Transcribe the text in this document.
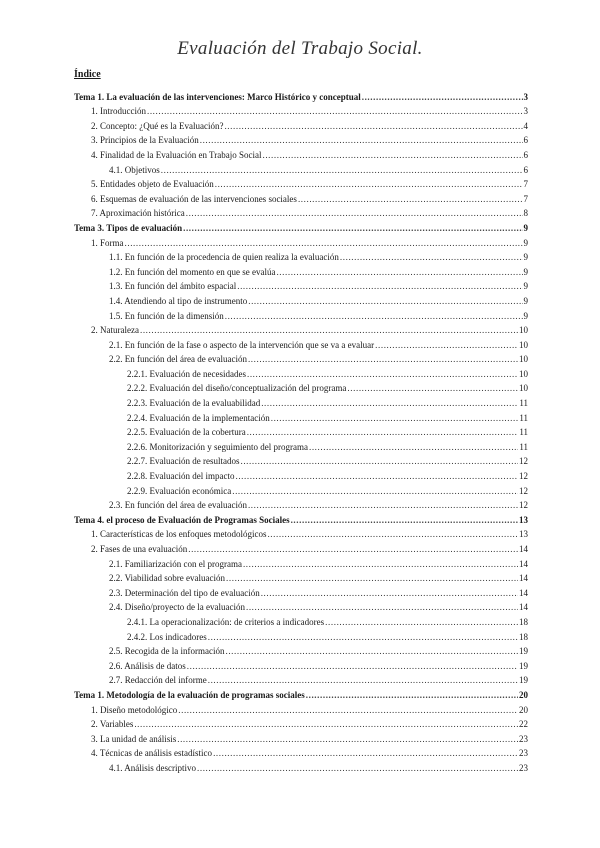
Evaluación del Trabajo Social.
Índice
Tema 1. La evaluación de las intervenciones: Marco Histórico y conceptual .....	3
1. Introducción .....	3
2. Concepto: ¿Qué es la Evaluación? .....	4
3. Principios de la Evaluación .....	6
4. Finalidad de la Evaluación en Trabajo Social .....	6
4.1. Objetivos .....	6
5. Entidades objeto de Evaluación .....	7
6. Esquemas de evaluación de las intervenciones sociales .....	7
7. Aproximación histórica .....	8
Tema 3. Tipos de evaluación .....	9
1. Forma .....	9
1.1. En función de la procedencia de quien realiza la evaluación .....	9
1.2. En función del momento en que se evalúa .....	9
1.3. En función del ámbito espacial .....	9
1.4. Atendiendo al tipo de instrumento .....	9
1.5. En función de la dimensión .....	9
2. Naturaleza .....	10
2.1. En función de la fase o aspecto de la intervención que se va a evaluar .....	10
2.2. En función del área de evaluación .....	10
2.2.1. Evaluación de necesidades .....	10
2.2.2. Evaluación del diseño/conceptualización del programa .....	10
2.2.3. Evaluación de la evaluabilidad .....	11
2.2.4. Evaluación de la implementación .....	11
2.2.5. Evaluación de la cobertura .....	11
2.2.6. Monitorización y seguimiento del programa .....	11
2.2.7. Evaluación de resultados .....	12
2.2.8. Evaluación del impacto .....	12
2.2.9. Evaluación económica .....	12
2.3. En función del área de evaluación .....	12
Tema 4. el proceso de Evaluación de Programas Sociales .....	13
1. Características de los enfoques metodológicos .....	13
2. Fases de una evaluación .....	14
2.1. Familiarización con el programa .....	14
2.2. Viabilidad sobre evaluación .....	14
2.3. Determinación del tipo de evaluación .....	14
2.4. Diseño/proyecto de la evaluación .....	14
2.4.1. La operacionalización: de criterios a indicadores .....	18
2.4.2. Los indicadores .....	18
2.5. Recogida de la información .....	19
2.6. Análisis de datos .....	19
2.7. Redacción del informe .....	19
Tema 1. Metodología de la evaluación de programas sociales .....	20
1. Diseño metodológico .....	20
2. Variables .....	22
3. La unidad de análisis .....	23
4. Técnicas de análisis estadístico .....	23
4.1. Análisis descriptivo .....	23
